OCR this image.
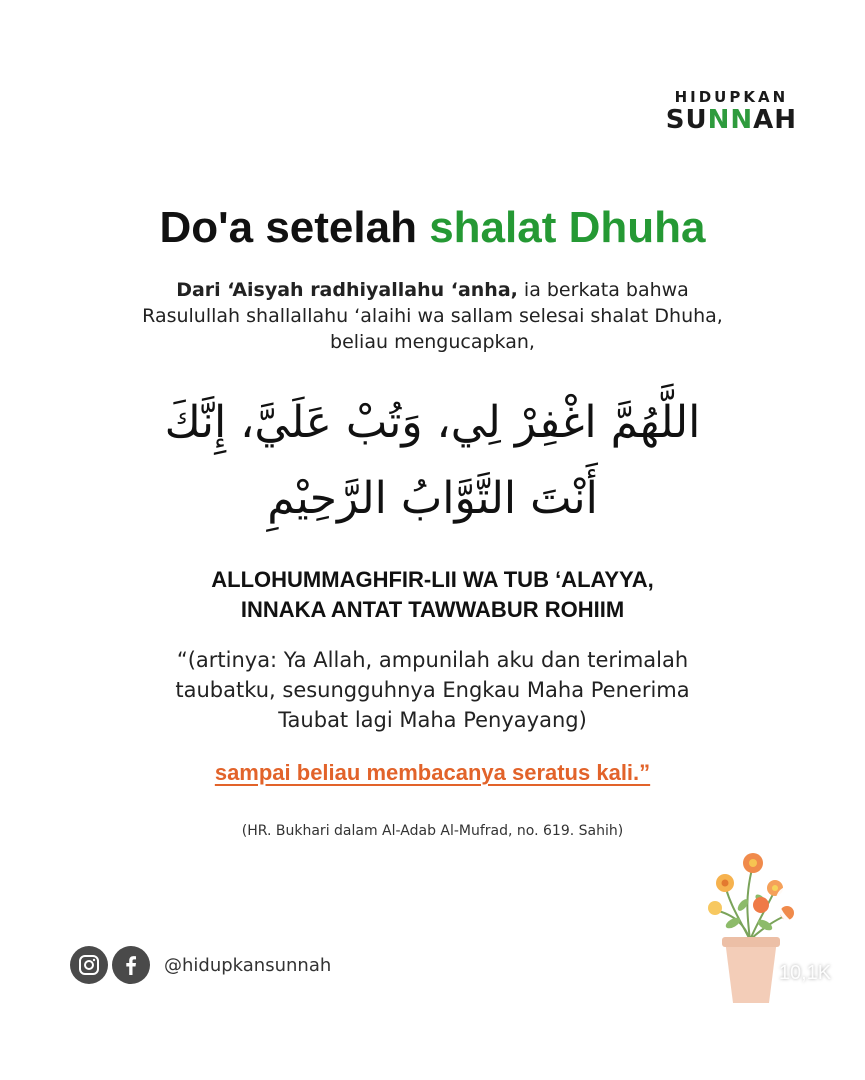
HIDUPKAN
SUNNAH
Do'a setelah shalat Dhuha
Dari ‘Aisyah radhiyallahu ‘anha, ia berkata bahwa
Rasulullah shallallahu ‘alaihi wa sallam selesai shalat Dhuha,
beliau mengucapkan,
اللَّهُمَّ اغْفِرْ لِي، وَتُبْ عَلَيَّ، إِنَّكَ
أَنْتَ التَّوَّابُ الرَّحِيْمِ
ALLOHUMMAGHFIR-LII WA TUB ‘ALAYYA,
INNAKA ANTAT TAWWABUR ROHIIM
“(artinya: Ya Allah, ampunilah aku dan terimalah
taubatku, sesungguhnya Engkau Maha Penerima
Taubat lagi Maha Penyayang)
sampai beliau membacanya seratus kali.”
(HR. Bukhari dalam Al-Adab Al-Mufrad, no. 619. Sahih)
@hidupkansunnah	10,1K
